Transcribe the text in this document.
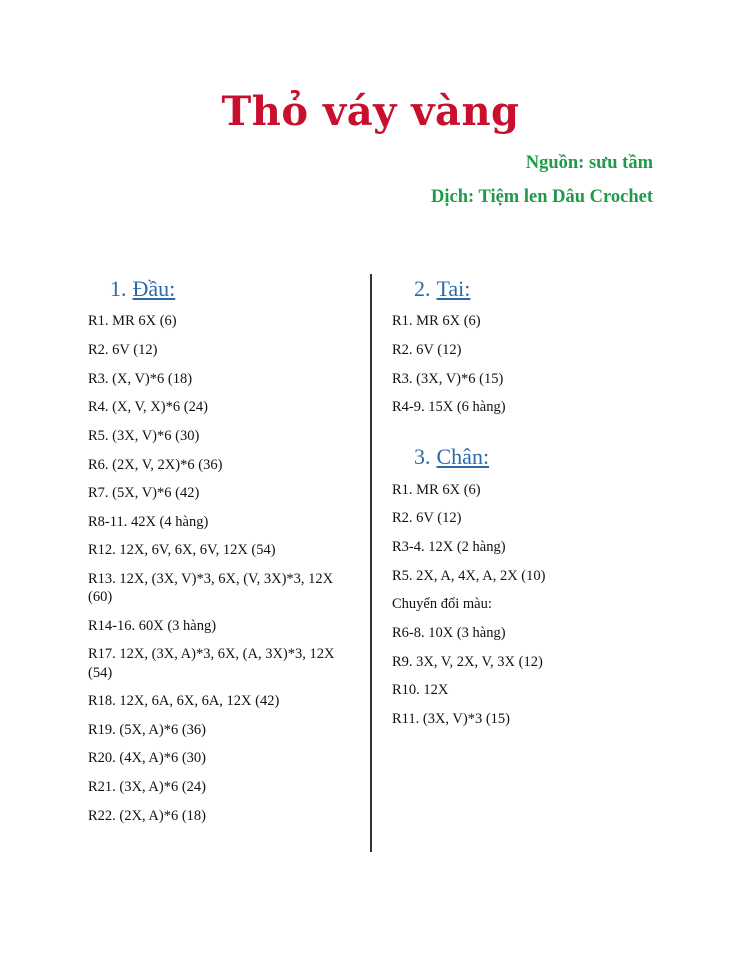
Thỏ váy vàng
Nguồn: sưu tầm
Dịch: Tiệm len Dâu Crochet
1. Đầu:
R1. MR 6X (6)
R2. 6V (12)
R3. (X, V)*6 (18)
R4. (X, V, X)*6 (24)
R5. (3X, V)*6 (30)
R6. (2X, V, 2X)*6 (36)
R7. (5X, V)*6 (42)
R8-11. 42X (4 hàng)
R12. 12X, 6V, 6X, 6V, 12X (54)
R13. 12X, (3X, V)*3, 6X, (V, 3X)*3, 12X (60)
R14-16. 60X (3 hàng)
R17. 12X, (3X, A)*3, 6X, (A, 3X)*3, 12X (54)
R18. 12X, 6A, 6X, 6A, 12X (42)
R19. (5X, A)*6 (36)
R20. (4X, A)*6 (30)
R21. (3X, A)*6 (24)
R22. (2X, A)*6 (18)
2. Tai:
R1. MR 6X (6)
R2. 6V (12)
R3. (3X, V)*6 (15)
R4-9. 15X (6 hàng)
3. Chân:
R1. MR 6X (6)
R2. 6V (12)
R3-4. 12X (2 hàng)
R5. 2X, A, 4X, A, 2X (10)
Chuyển đổi màu:
R6-8. 10X (3 hàng)
R9. 3X, V, 2X, V, 3X (12)
R10. 12X
R11. (3X, V)*3 (15)
